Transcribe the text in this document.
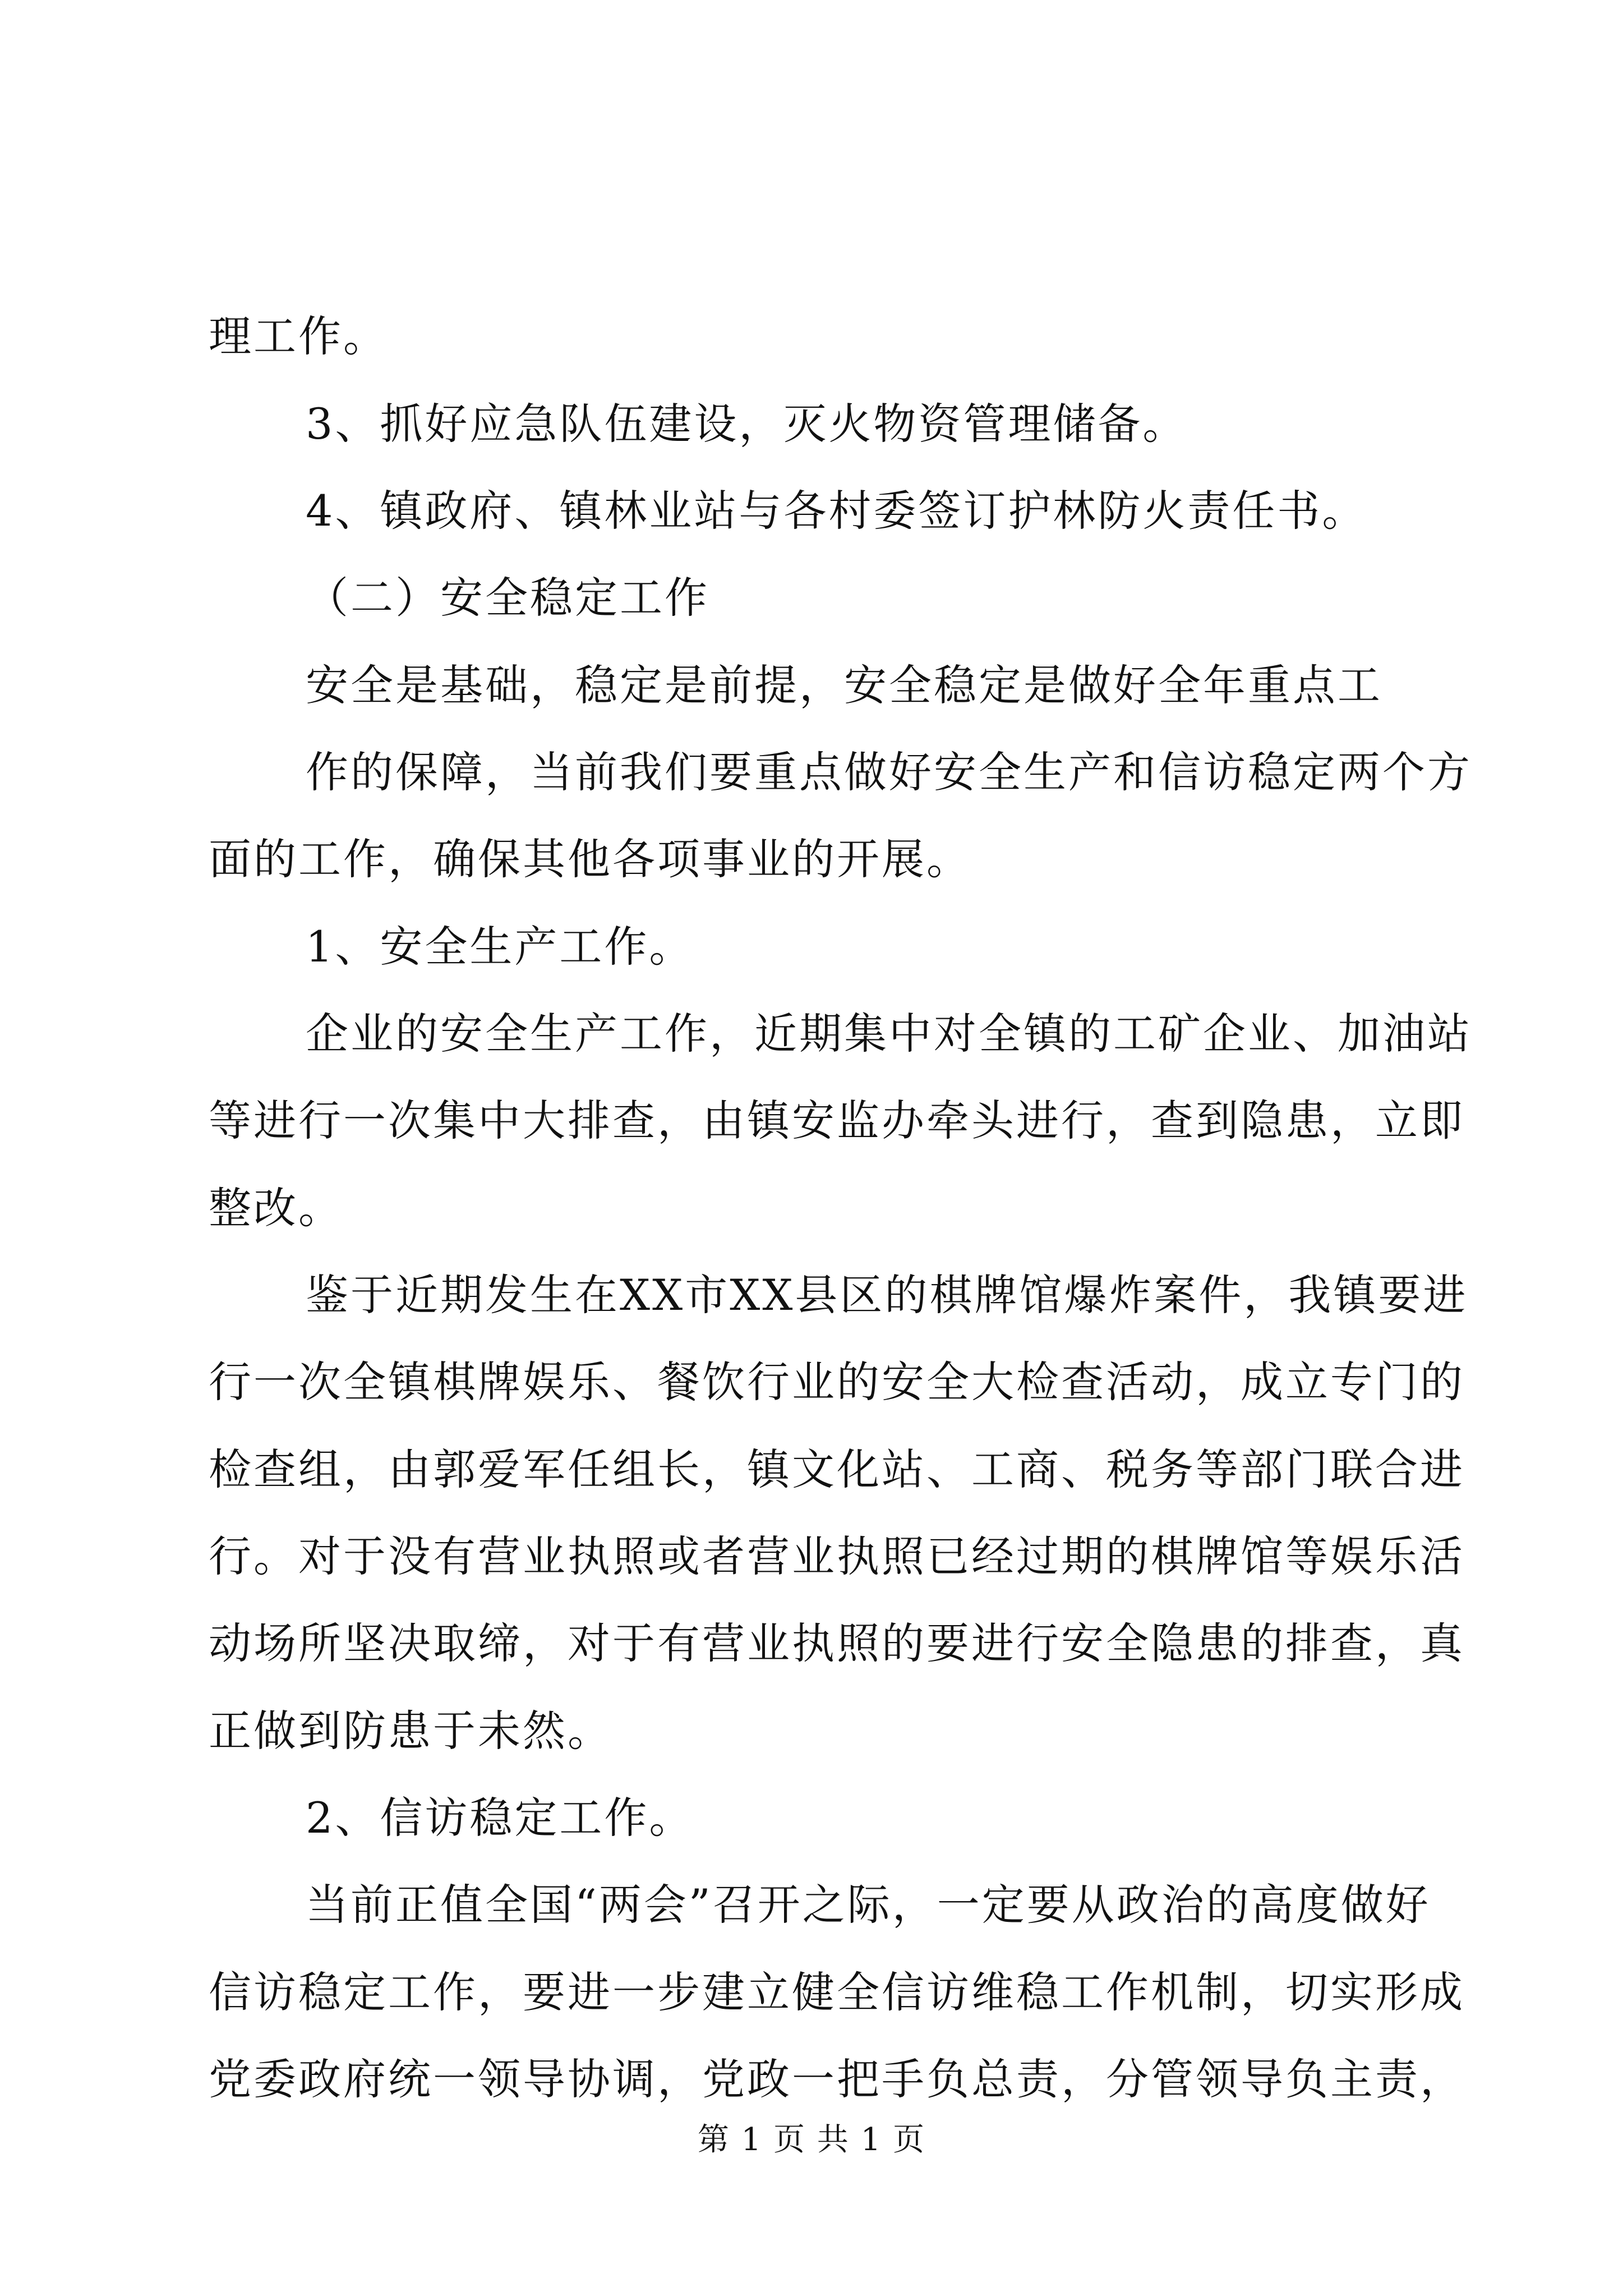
理工作。
3、抓好应急队伍建设，灭火物资管理储备。
4、镇政府、镇林业站与各村委签订护林防火责任书。
（二）安全稳定工作
安全是基础，稳定是前提，安全稳定是做好全年重点工
作的保障，当前我们要重点做好安全生产和信访稳定两个方
面的工作，确保其他各项事业的开展。
1、安全生产工作。
企业的安全生产工作，近期集中对全镇的工矿企业、加油站
等进行一次集中大排查，由镇安监办牵头进行，查到隐患，立即
整改。
鉴于近期发生在XX市XX县区的棋牌馆爆炸案件，我镇要进
行一次全镇棋牌娱乐、餐饮行业的安全大检查活动，成立专门的
检查组，由郭爱军任组长，镇文化站、工商、税务等部门联合进
行。对于没有营业执照或者营业执照已经过期的棋牌馆等娱乐活
动场所坚决取缔，对于有营业执照的要进行安全隐患的排查，真
正做到防患于未然。
2、信访稳定工作。
当前正值全国“两会”召开之际，一定要从政治的高度做好
信访稳定工作，要进一步建立健全信访维稳工作机制，切实形成
党委政府统一领导协调，党政一把手负总责，分管领导负主责，
第 1 页 共 1 页
